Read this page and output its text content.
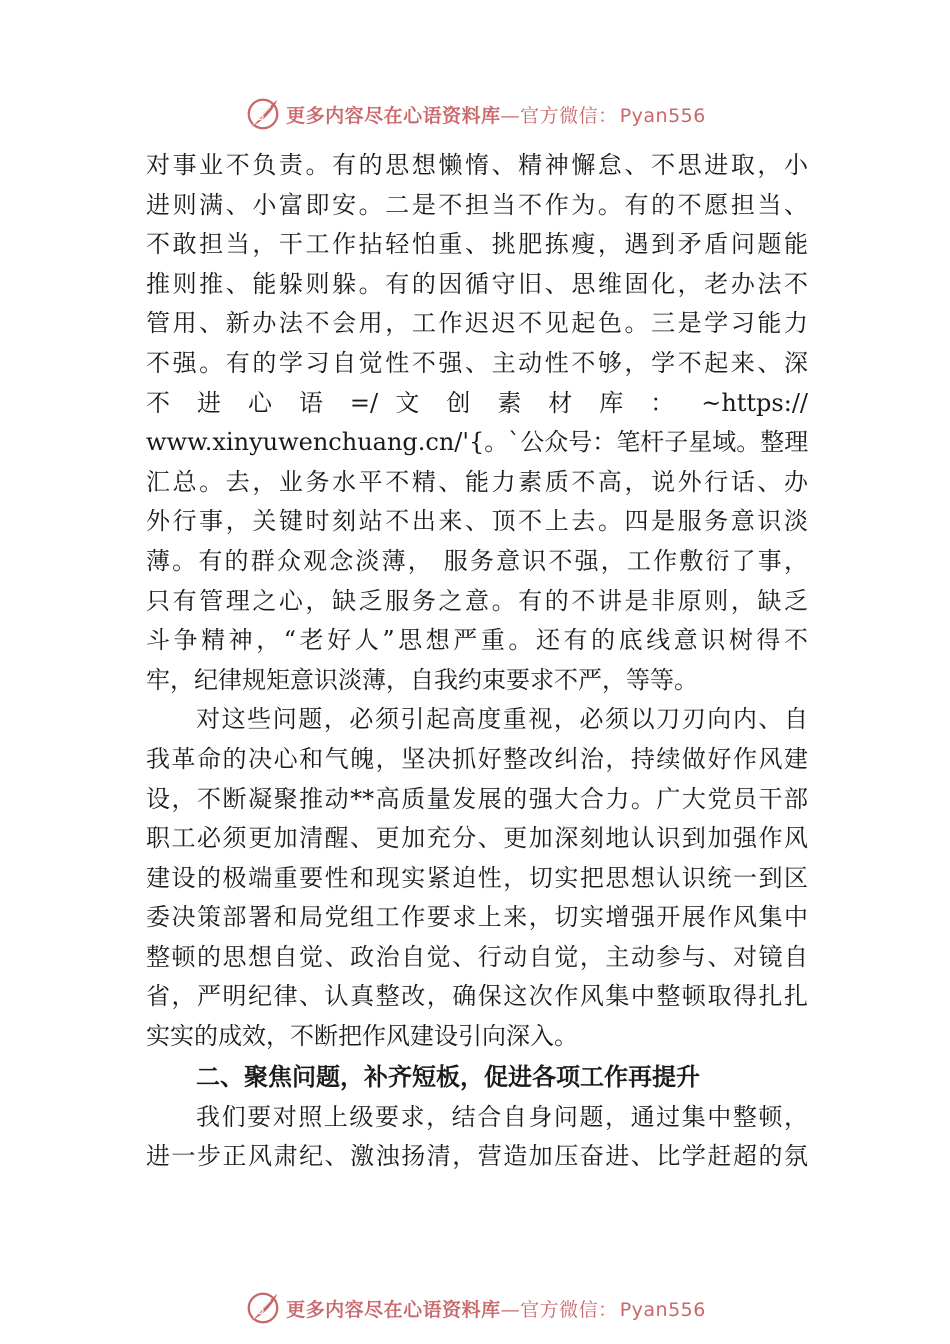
更多内容尽在心语资料库—官方微信： Pyan556
对事业不负责。有的思想懒惰、精神懈怠、不思进取，小
进则满、小富即安。二是不担当不作为。有的不愿担当、
不敢担当，干工作拈轻怕重、挑肥拣瘦，遇到矛盾问题能
推则推、能躲则躲。有的因循守旧、思维固化，老办法不
管用、新办法不会用，工作迟迟不见起色。三是学习能力
不强。有的学习自觉性不强、主动性不够，学不起来、深
不 进 心 语 =/ 文 创 素 材 库 ： ~https://
www.xinyuwenchuang.cn/'{。`公众号：笔杆子星域。整理
汇总。去，业务水平不精、能力素质不高，说外行话、办
外行事，关键时刻站不出来、顶不上去。四是服务意识淡
薄。有的群众观念淡薄， 服务意识不强，工作敷衍了事，
只有管理之心，缺乏服务之意。有的不讲是非原则，缺乏
斗争精神，“老好人”思想严重。还有的底线意识树得不
牢，纪律规矩意识淡薄，自我约束要求不严，等等。
对这些问题，必须引起高度重视，必须以刀刃向内、自
我革命的决心和气魄，坚决抓好整改纠治，持续做好作风建
设，不断凝聚推动**高质量发展的强大合力。广大党员干部
职工必须更加清醒、更加充分、更加深刻地认识到加强作风
建设的极端重要性和现实紧迫性，切实把思想认识统一到区
委决策部署和局党组工作要求上来，切实增强开展作风集中
整顿的思想自觉、政治自觉、行动自觉，主动参与、对镜自
省，严明纪律、认真整改，确保这次作风集中整顿取得扎扎
实实的成效，不断把作风建设引向深入。
二、聚焦问题，补齐短板，促进各项工作再提升
我们要对照上级要求，结合自身问题，通过集中整顿，
进一步正风肃纪、激浊扬清，营造加压奋进、比学赶超的氛
更多内容尽在心语资料库—官方微信： Pyan556
